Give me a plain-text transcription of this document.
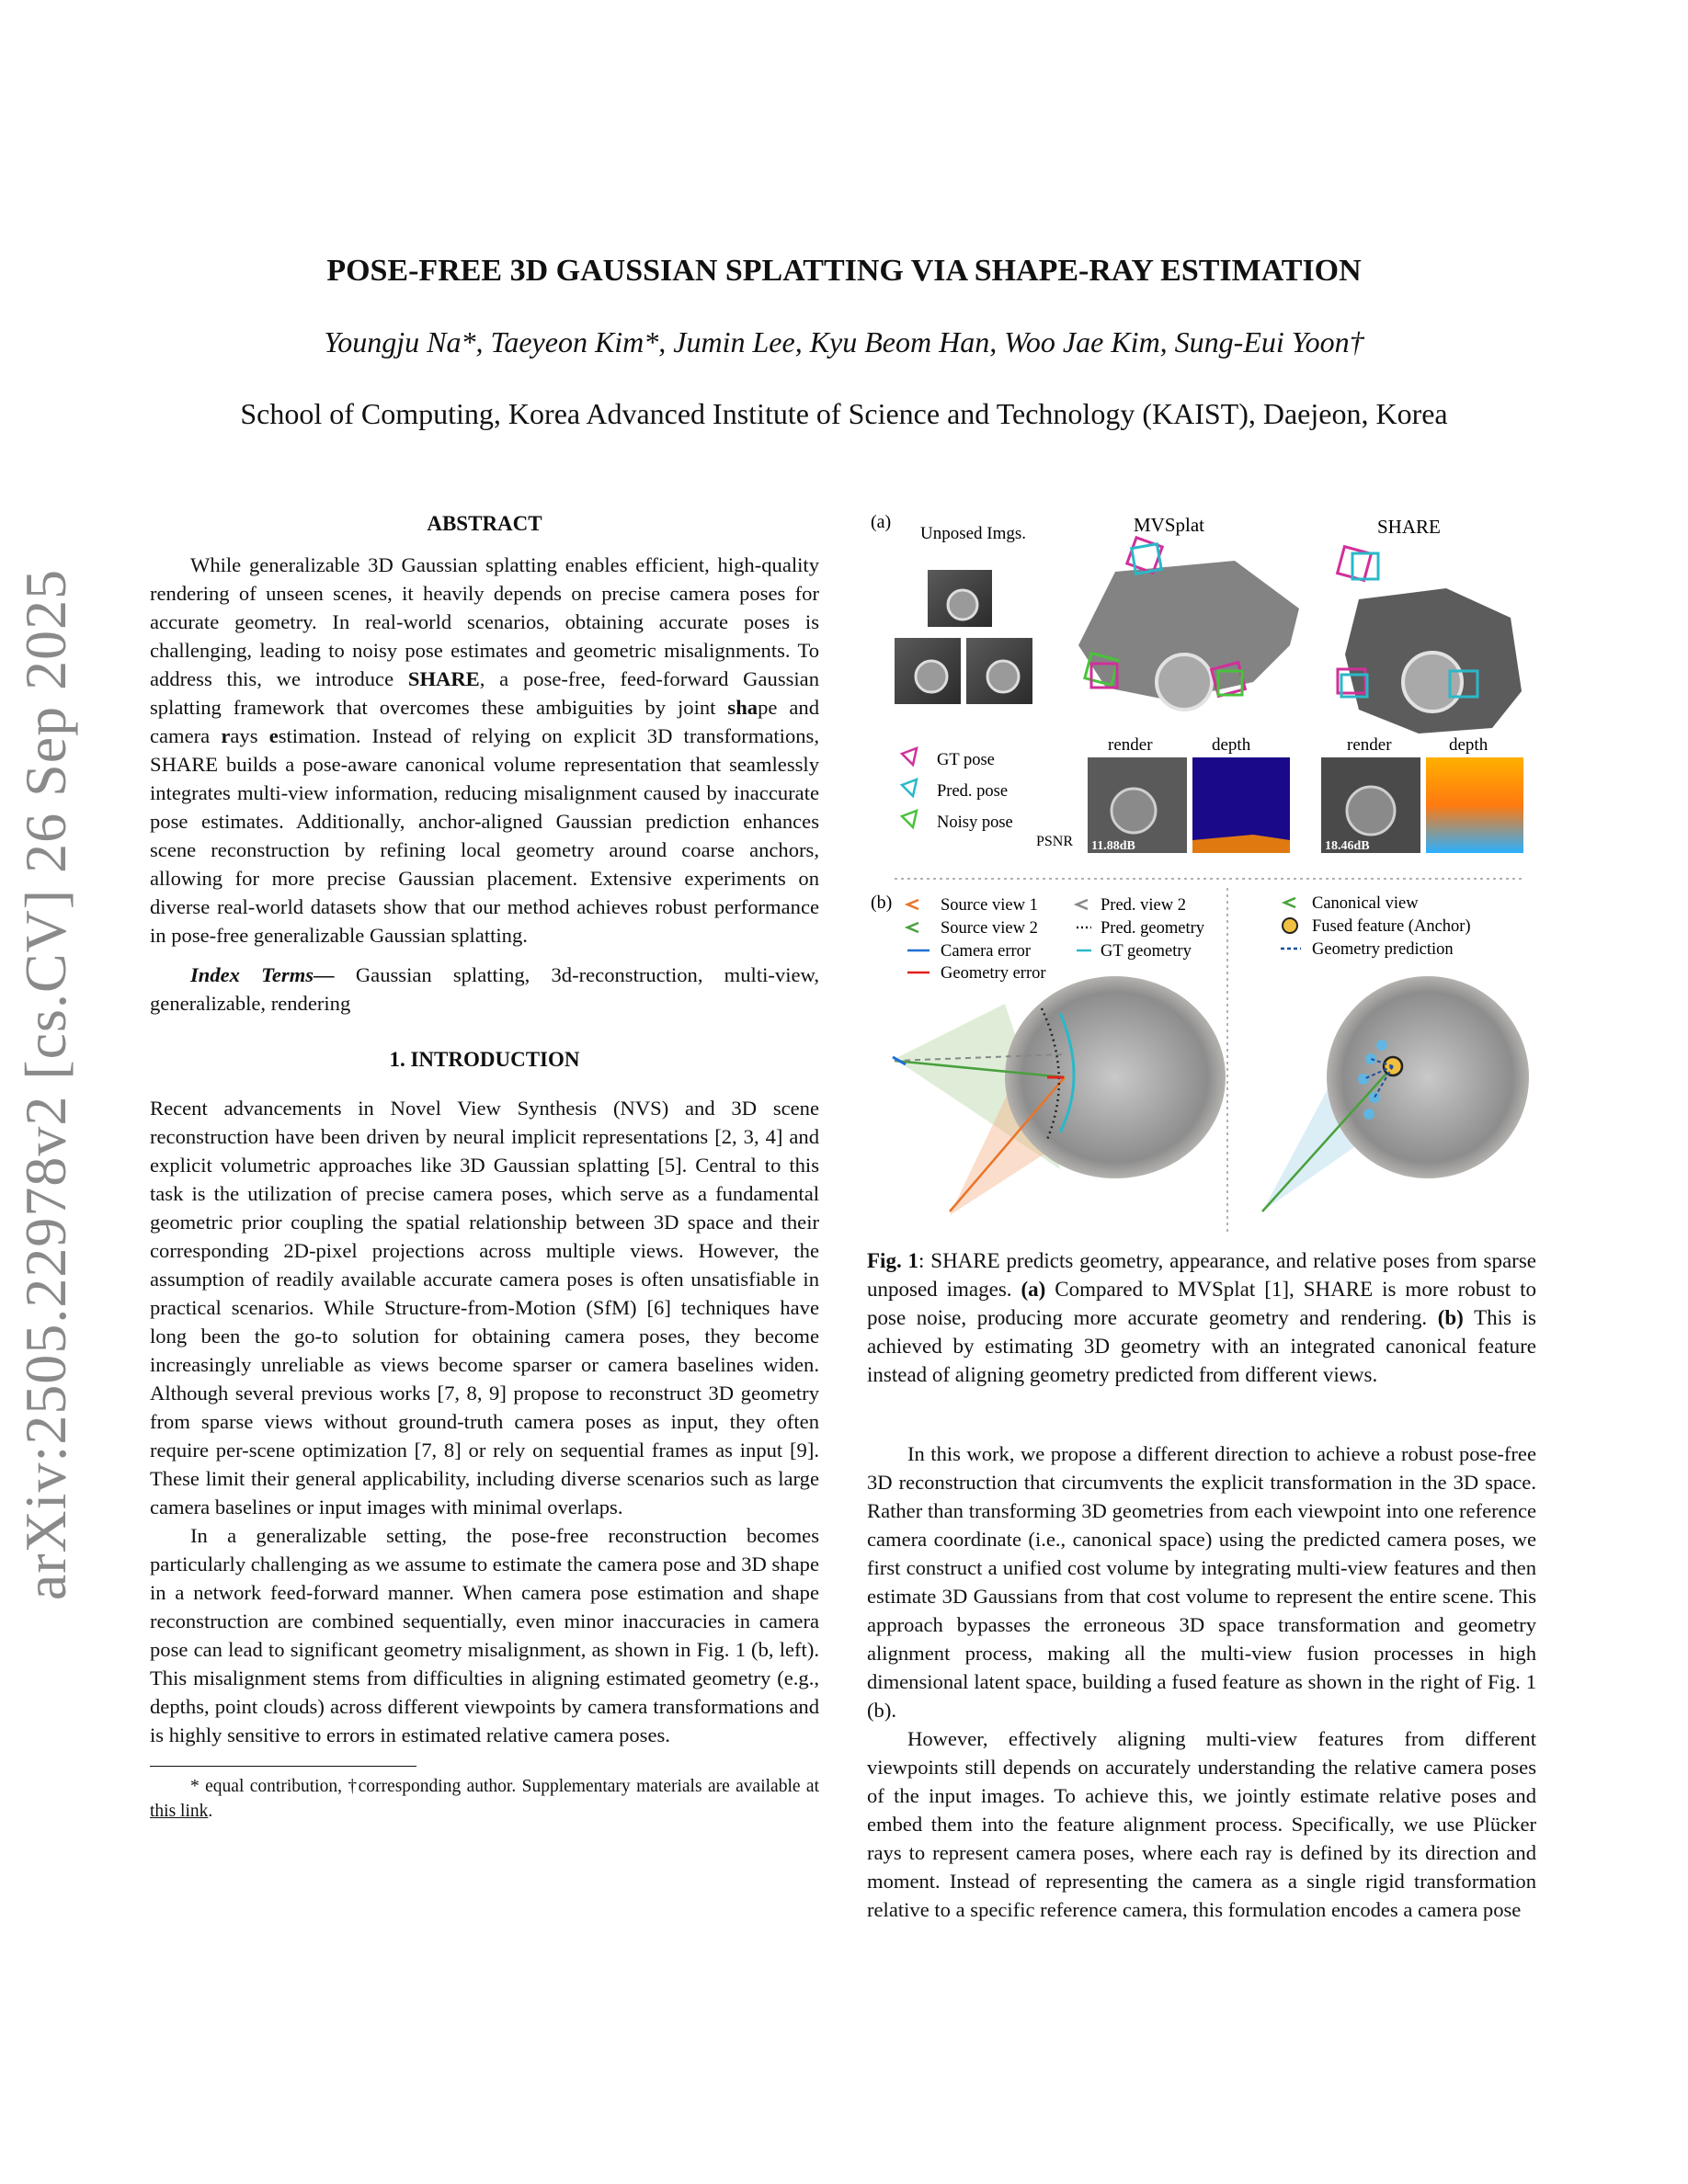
arXiv:2505.22978v2 [cs.CV] 26 Sep 2025
POSE-FREE 3D GAUSSIAN SPLATTING VIA SHAPE-RAY ESTIMATION
Youngju Na*, Taeyeon Kim*, Jumin Lee, Kyu Beom Han, Woo Jae Kim, Sung-Eui Yoon†
School of Computing, Korea Advanced Institute of Science and Technology (KAIST), Daejeon, Korea
ABSTRACT

While generalizable 3D Gaussian splatting enables efficient, high-quality rendering of unseen scenes, it heavily depends on precise camera poses for accurate geometry. In real-world scenarios, obtaining accurate poses is challenging, leading to noisy pose estimates and geometric misalignments. To address this, we introduce SHARE, a pose-free, feed-forward Gaussian splatting framework that overcomes these ambiguities by joint shape and camera rays estimation. Instead of relying on explicit 3D transformations, SHARE builds a pose-aware canonical volume representation that seamlessly integrates multi-view information, reducing misalignment caused by inaccurate pose estimates. Additionally, anchor-aligned Gaussian prediction enhances scene reconstruction by refining local geometry around coarse anchors, allowing for more precise Gaussian placement. Extensive experiments on diverse real-world datasets show that our method achieves robust performance in pose-free generalizable Gaussian splatting.

Index Terms— Gaussian splatting, 3d-reconstruction, multi-view, generalizable, rendering

1. INTRODUCTION

Recent advancements in Novel View Synthesis (NVS) and 3D scene reconstruction have been driven by neural implicit representations [2, 3, 4] and explicit volumetric approaches like 3D Gaussian splatting [5]. Central to this task is the utilization of precise camera poses, which serve as a fundamental geometric prior coupling the spatial relationship between 3D space and their corresponding 2D-pixel projections across multiple views. However, the assumption of readily available accurate camera poses is often unsatisfiable in practical scenarios. While Structure-from-Motion (SfM) [6] techniques have long been the go-to solution for obtaining camera poses, they become increasingly unreliable as views become sparser or camera baselines widen. Although several previous works [7, 8, 9] propose to reconstruct 3D geometry from sparse views without ground-truth camera poses as input, they often require per-scene optimization [7, 8] or rely on sequential frames as input [9]. These limit their general applicability, including diverse scenarios such as large camera baselines or input images with minimal overlaps.

In a generalizable setting, the pose-free reconstruction becomes particularly challenging as we assume to estimate the camera pose and 3D shape in a network feed-forward manner. When camera pose estimation and shape reconstruction are combined sequentially, even minor inaccuracies in camera pose can lead to significant geometry misalignment, as shown in Fig. 1 (b, left). This misalignment stems from difficulties in aligning estimated geometry (e.g., depths, point clouds) across different viewpoints by camera transformations and is highly sensitive to errors in estimated relative camera poses.

* equal contribution, †corresponding author. Supplementary materials are available at this link.

(a)
Unposed Imgs.	MVSplat	SHARE
GT pose
Pred. pose
Noisy pose
PSNR
render	depth	render	depth
11.88dB	18.46dB
(b)	Source view 1
Source view 2
Camera error
Geometry error
Pred. view 2
Pred. geometry
GT geometry
Canonical view
Fused feature (Anchor)
Geometry prediction
Fig. 1: SHARE predicts geometry, appearance, and relative poses from sparse unposed images. (a) Compared to MVSplat [1], SHARE is more robust to pose noise, producing more accurate geometry and rendering. (b) This is achieved by estimating 3D geometry with an integrated canonical feature instead of aligning geometry predicted from different views.

In this work, we propose a different direction to achieve a robust pose-free 3D reconstruction that circumvents the explicit transformation in the 3D space. Rather than transforming 3D geometries from each viewpoint into one reference camera coordinate (i.e., canonical space) using the predicted camera poses, we first construct a unified cost volume by integrating multi-view features and then estimate 3D Gaussians from that cost volume to represent the entire scene. This approach bypasses the erroneous 3D space transformation and geometry alignment process, making all the multi-view fusion processes in high dimensional latent space, building a fused feature as shown in the right of Fig. 1 (b).

However, effectively aligning multi-view features from different viewpoints still depends on accurately understanding the relative camera poses of the input images. To achieve this, we jointly estimate relative poses and embed them into the feature alignment process. Specifically, we use Plücker rays to represent camera poses, where each ray is defined by its direction and moment. Instead of representing the camera as a single rigid transformation relative to a specific reference camera, this formulation encodes a camera pose
